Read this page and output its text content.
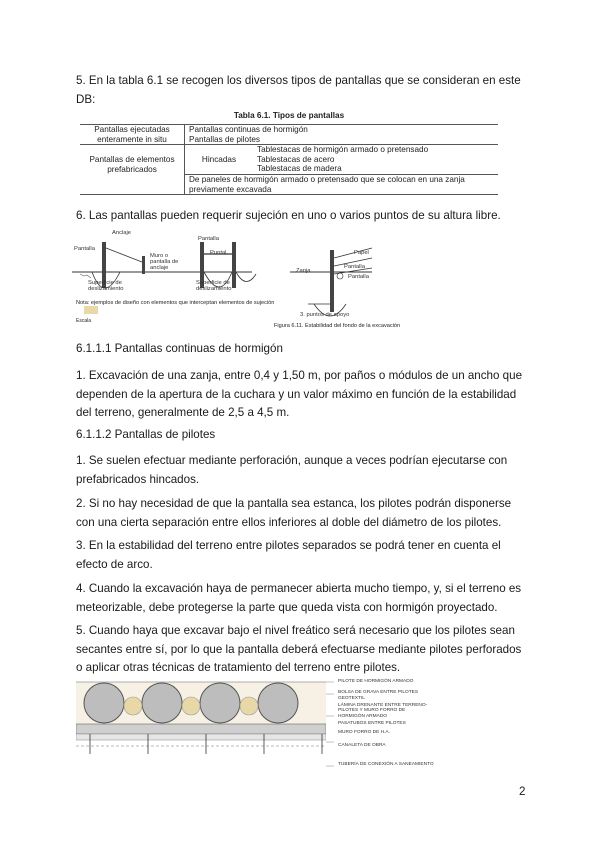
5. En la tabla 6.1 se recogen los diversos tipos de pantallas que se consideran en este DB:

Tabla 6.1. Tipos de pantallas
Pantallas ejecutadas enteramente in situ	Pantallas continuas de hormigón
Pantallas de pilotes	

Pantallas de elementos prefabricados	Hincadas	Tablestacas de hormigón armado o pretensado
Tablestacas de acero
Tablestacas de madera

	De paneles de hormigón armado o pretensado que se colocan en una zanja previamente excavada	

6. Las pantallas pueden requerir sujeción en uno o varios puntos de su altura libre.

Anclaje
Pantalla
Muro o pantalla de anclaje
Pantalla
Puntal
Superficie de deslizamiento
Superficie de deslizamiento
Zanja
Pantalla
Pantalla
Papel
3. puntos de apoyo
Nota: ejemplos de diseño con elementos que interceptan elementos de sujeción
Escala
Figura 6.11. Estabilidad del fondo de la excavación

6.1.1.1 Pantallas continuas de hormigón

1. Excavación de una zanja, entre 0,4 y 1,50 m, por paños o módulos de un ancho que dependen de la apertura de la cuchara y un valor máximo en función de la estabilidad del terreno, generalmente de 2,5 a 4,5 m.

6.1.1.2 Pantallas de pilotes

1. Se suelen efectuar mediante perforación, aunque a veces podrían ejecutarse con prefabricados hincados.

2. Si no hay necesidad de que la pantalla sea estanca, los pilotes podrán disponerse con una cierta separación entre ellos inferiores al doble del diámetro de los pilotes.

3. En la estabilidad del terreno entre pilotes separados se podrá tener en cuenta el efecto de arco.

4. Cuando la excavación haya de permanecer abierta mucho tiempo, y, si el terreno es meteorizable, debe protegerse la parte que queda vista con hormigón proyectado.

5. Cuando haya que excavar bajo el nivel freático será necesario que los pilotes sean secantes entre sí, por lo que la pantalla deberá efectuarse mediante pilotes perforados o aplicar otras técnicas de tratamiento del terreno entre pilotes.

PILOTE DE HORMIGÓN ARMADO
BOLSA DE GRAVA ENTRE PILOTES
GEOTEXTIL
LÁMINA DRENANTE ENTRE TERRENO-PILOTES Y MURO FORRO DE HORMIGÓN ARMADO
PASATUBOS ENTRE PILOTES
MURO FORRO DE H.A.
CANALETA DE OBRA
TUBERÍA DE CONEXIÓN A SANEAMIENTO
2
